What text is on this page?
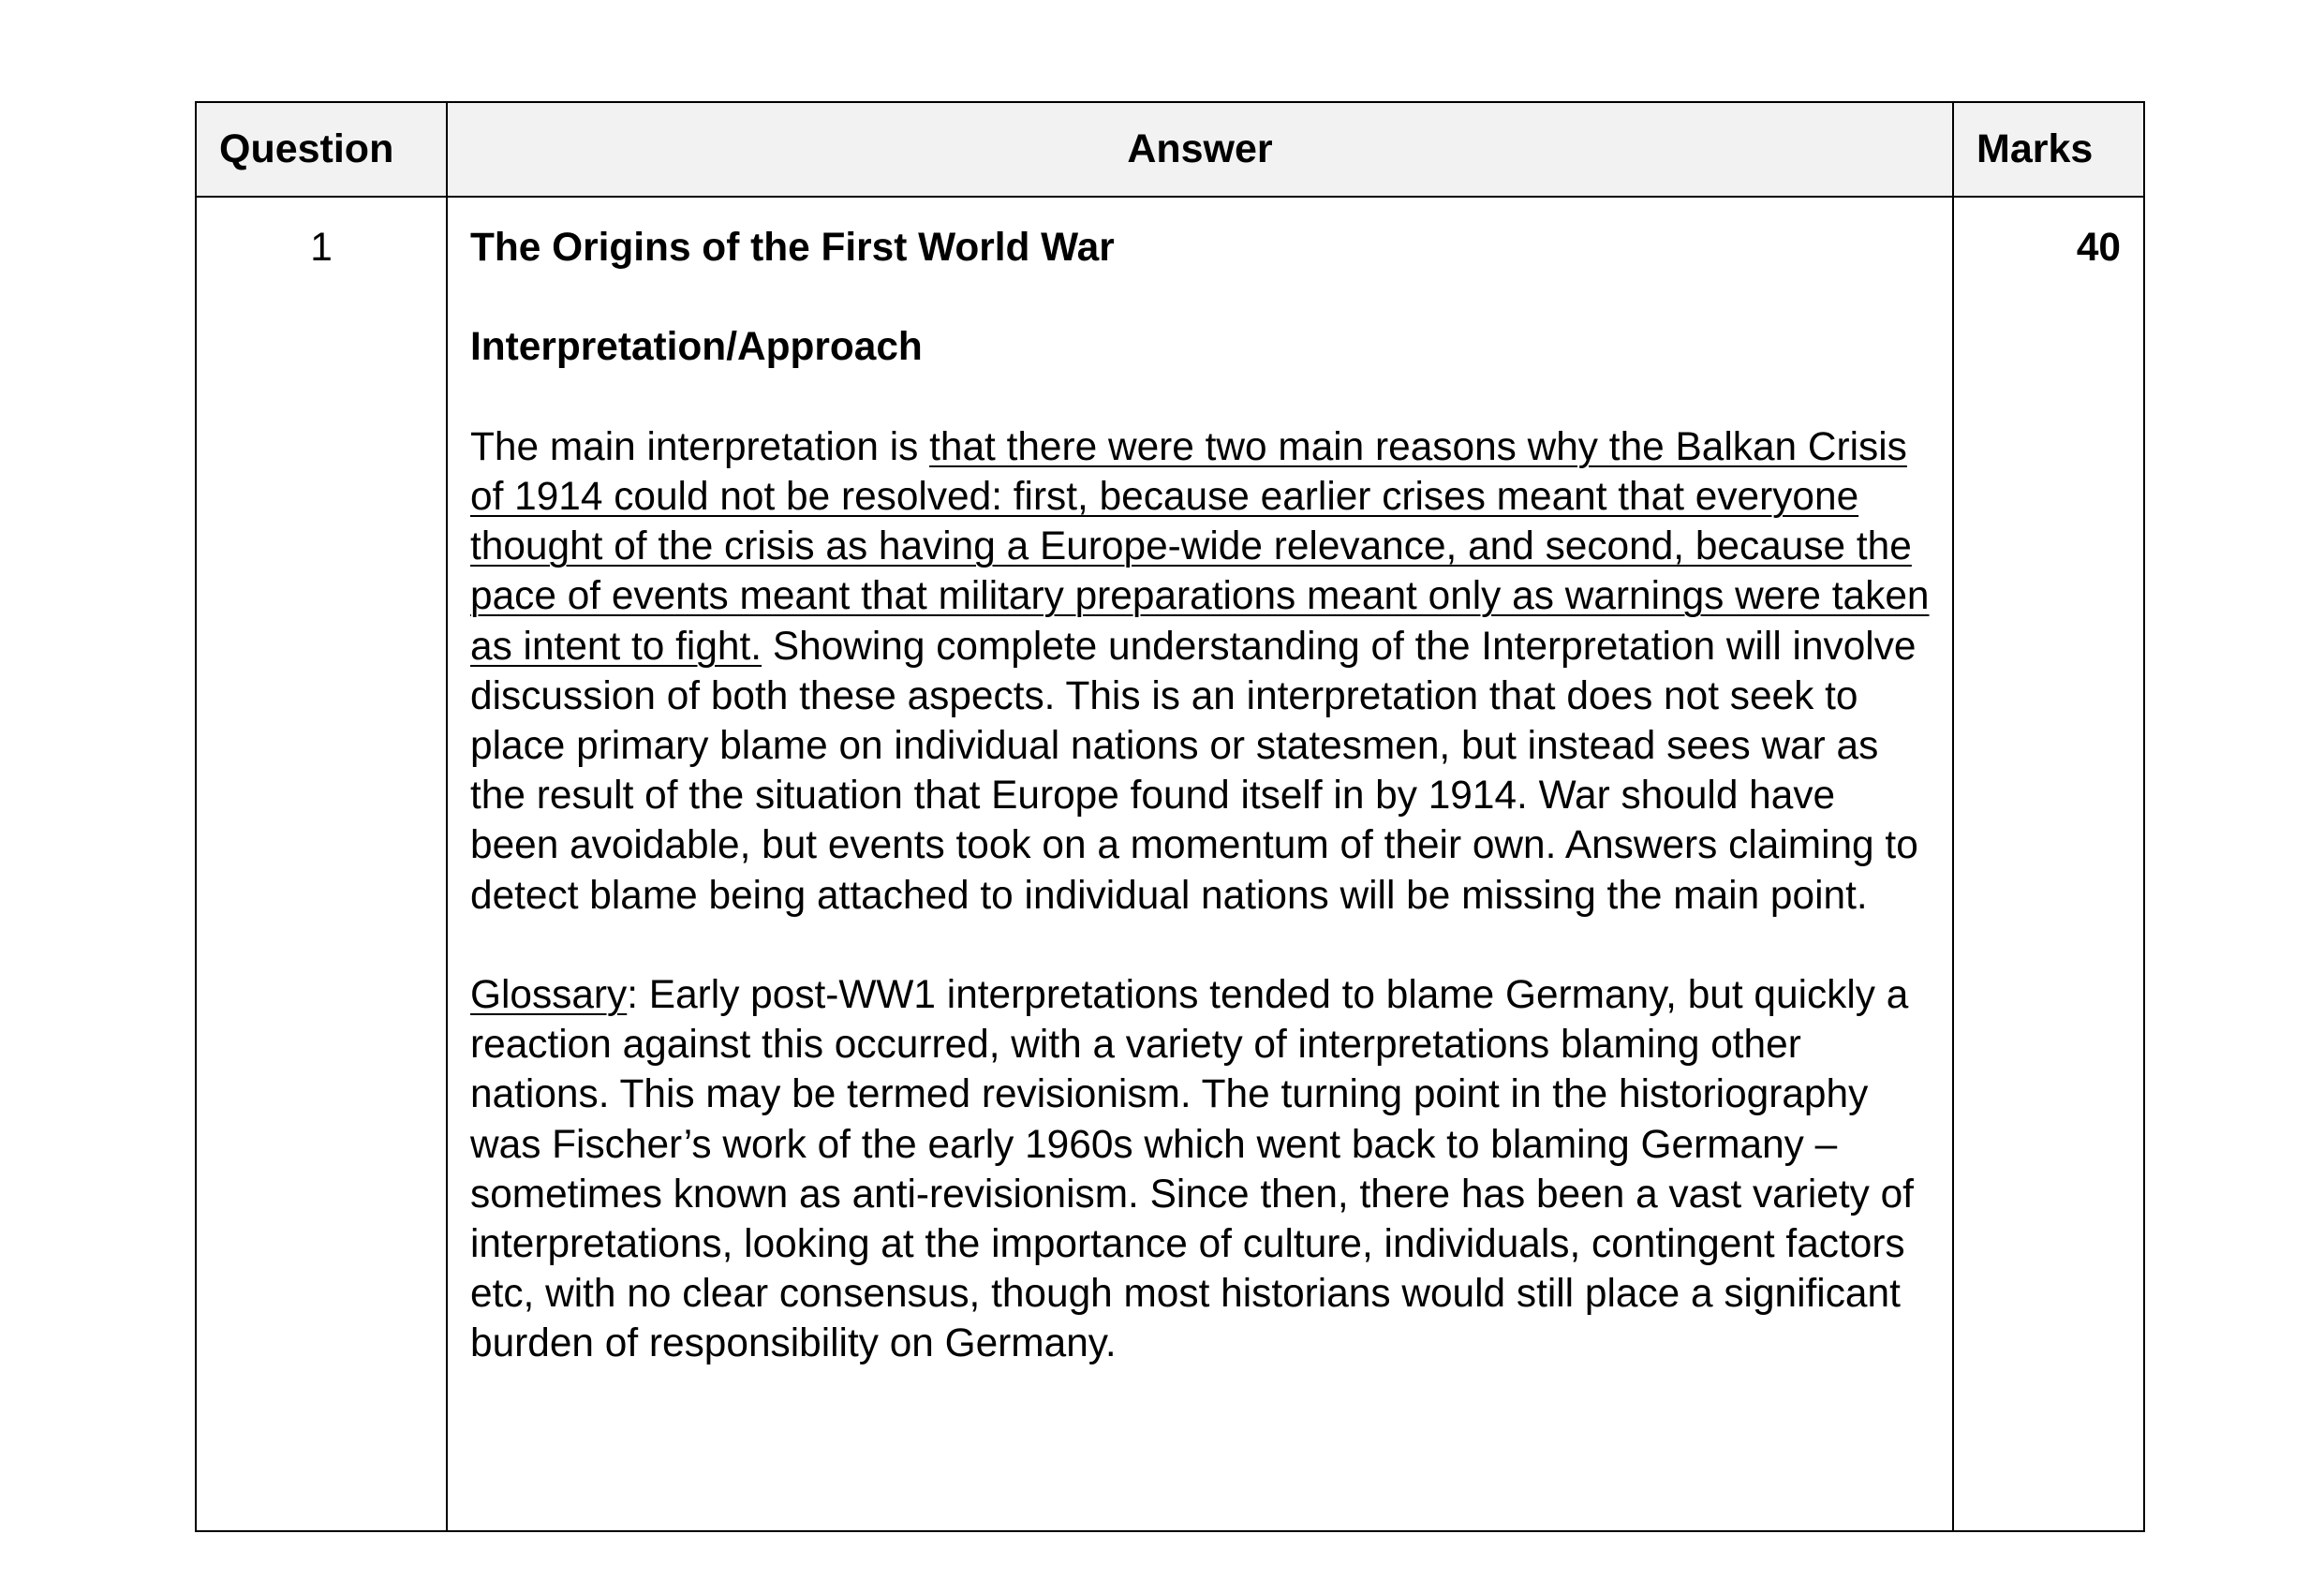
Question	Answer	Marks
1	The Origins of the First World War
Interpretation/Approach
The main interpretation is that there were two main reasons why the Balkan Crisis of 1914 could not be resolved: first, because earlier crises meant that everyone thought of the crisis as having a Europe-wide relevance, and second, because the pace of events meant that military preparations meant only as warnings were taken as intent to fight. Showing complete understanding of the Interpretation will involve discussion of both these aspects. This is an interpretation that does not seek to place primary blame on individual nations or statesmen, but instead sees war as the result of the situation that Europe found itself in by 1914. War should have been avoidable, but events took on a momentum of their own. Answers claiming to detect blame being attached to individual nations will be missing the main point.
Glossary: Early post-WW1 interpretations tended to blame Germany, but quickly a reaction against this occurred, with a variety of interpretations blaming other nations. This may be termed revisionism. The turning point in the historiography was Fischer’s work of the early 1960s which went back to blaming Germany – sometimes known as anti-revisionism. Since then, there has been a vast variety of interpretations, looking at the importance of culture, individuals, contingent factors etc, with no clear consensus, though most historians would still place a significant burden of responsibility on Germany.	40
